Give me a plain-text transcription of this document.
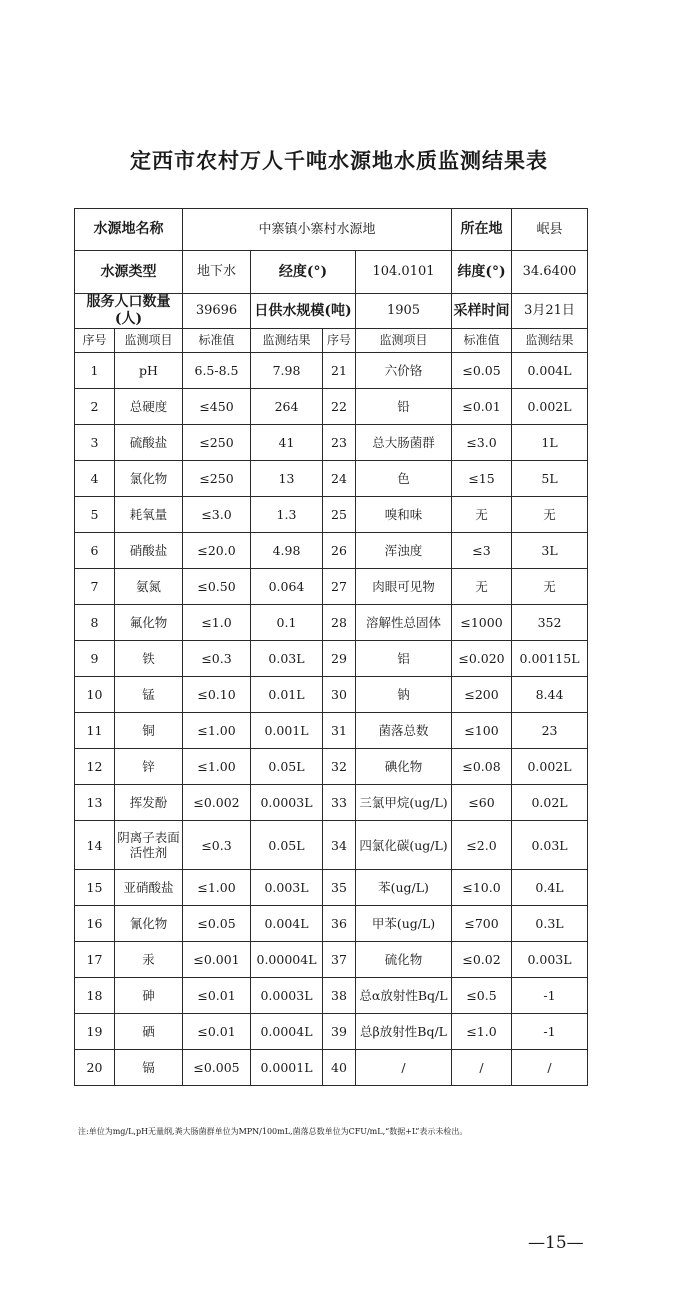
定西市农村万人千吨水源地水质监测结果表
水源地名称		中寨镇小寨村水源地				所在地	岷县
水源类型		地下水	经度(°)		104.0101	纬度(°)	34.6400
服务人口数量(人)		39696	日供水规模(吨)		1905	采样时间	3月21日
序号	监测项目	标准值	监测结果	序号	监测项目	标准值	监测结果
1	pH	6.5-8.5	7.98	21	六价铬	≤0.05	0.004L
2	总硬度	≤450	264	22	铅	≤0.01	0.002L
3	硫酸盐	≤250	41	23	总大肠菌群	≤3.0	1L
4	氯化物	≤250	13	24	色	≤15	5L
5	耗氧量	≤3.0	1.3	25	嗅和味	无	无
6	硝酸盐	≤20.0	4.98	26	浑浊度	≤3	3L
7	氨氮	≤0.50	0.064	27	肉眼可见物	无	无
8	氟化物	≤1.0	0.1	28	溶解性总固体	≤1000	352
9	铁	≤0.3	0.03L	29	铝	≤0.020	0.00115L
10	锰	≤0.10	0.01L	30	钠	≤200	8.44
11	铜	≤1.00	0.001L	31	菌落总数	≤100	23
12	锌	≤1.00	0.05L	32	碘化物	≤0.08	0.002L
13	挥发酚	≤0.002	0.0003L	33	三氯甲烷(ug/L)	≤60	0.02L
14	阴离子表面活性剂	≤0.3	0.05L	34	四氯化碳(ug/L)	≤2.0	0.03L
15	亚硝酸盐	≤1.00	0.003L	35	苯(ug/L)	≤10.0	0.4L
16	氰化物	≤0.05	0.004L	36	甲苯(ug/L)	≤700	0.3L
17	汞	≤0.001	0.00004L	37	硫化物	≤0.02	0.003L
18	砷	≤0.01	0.0003L	38	总α放射性Bq/L	≤0.5	-1
19	硒	≤0.01	0.0004L	39	总β放射性Bq/L	≤1.0	-1
20	镉	≤0.005	0.0001L	40	/	/	/
注:单位为mg/L,pH无量纲,粪大肠菌群单位为MPN/100mL,菌落总数单位为CFU/mL,“数据+L”表示未检出。
—15—
